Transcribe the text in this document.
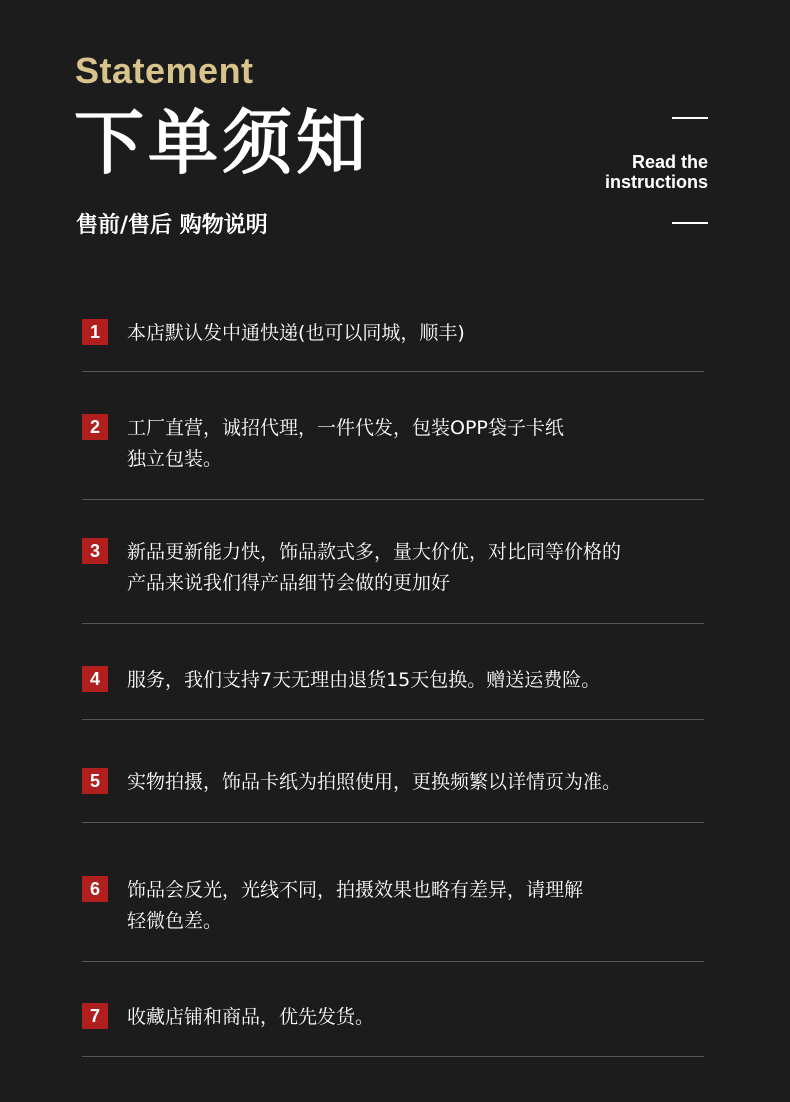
Statement
下单须知
售前/售后 购物说明
Read the
instructions
1	本店默认发中通快递(也可以同城，顺丰)
2	工厂直营，诚招代理，一件代发，包装OPP袋子卡纸
独立包装。
3	新品更新能力快，饰品款式多，量大价优，对比同等价格的
产品来说我们得产品细节会做的更加好
4	服务，我们支持7天无理由退货15天包换。赠送运费险。
5	实物拍摄，饰品卡纸为拍照使用，更换频繁以详情页为准。
6	饰品会反光，光线不同，拍摄效果也略有差异，请理解
轻微色差。
7	收藏店铺和商品，优先发货。
